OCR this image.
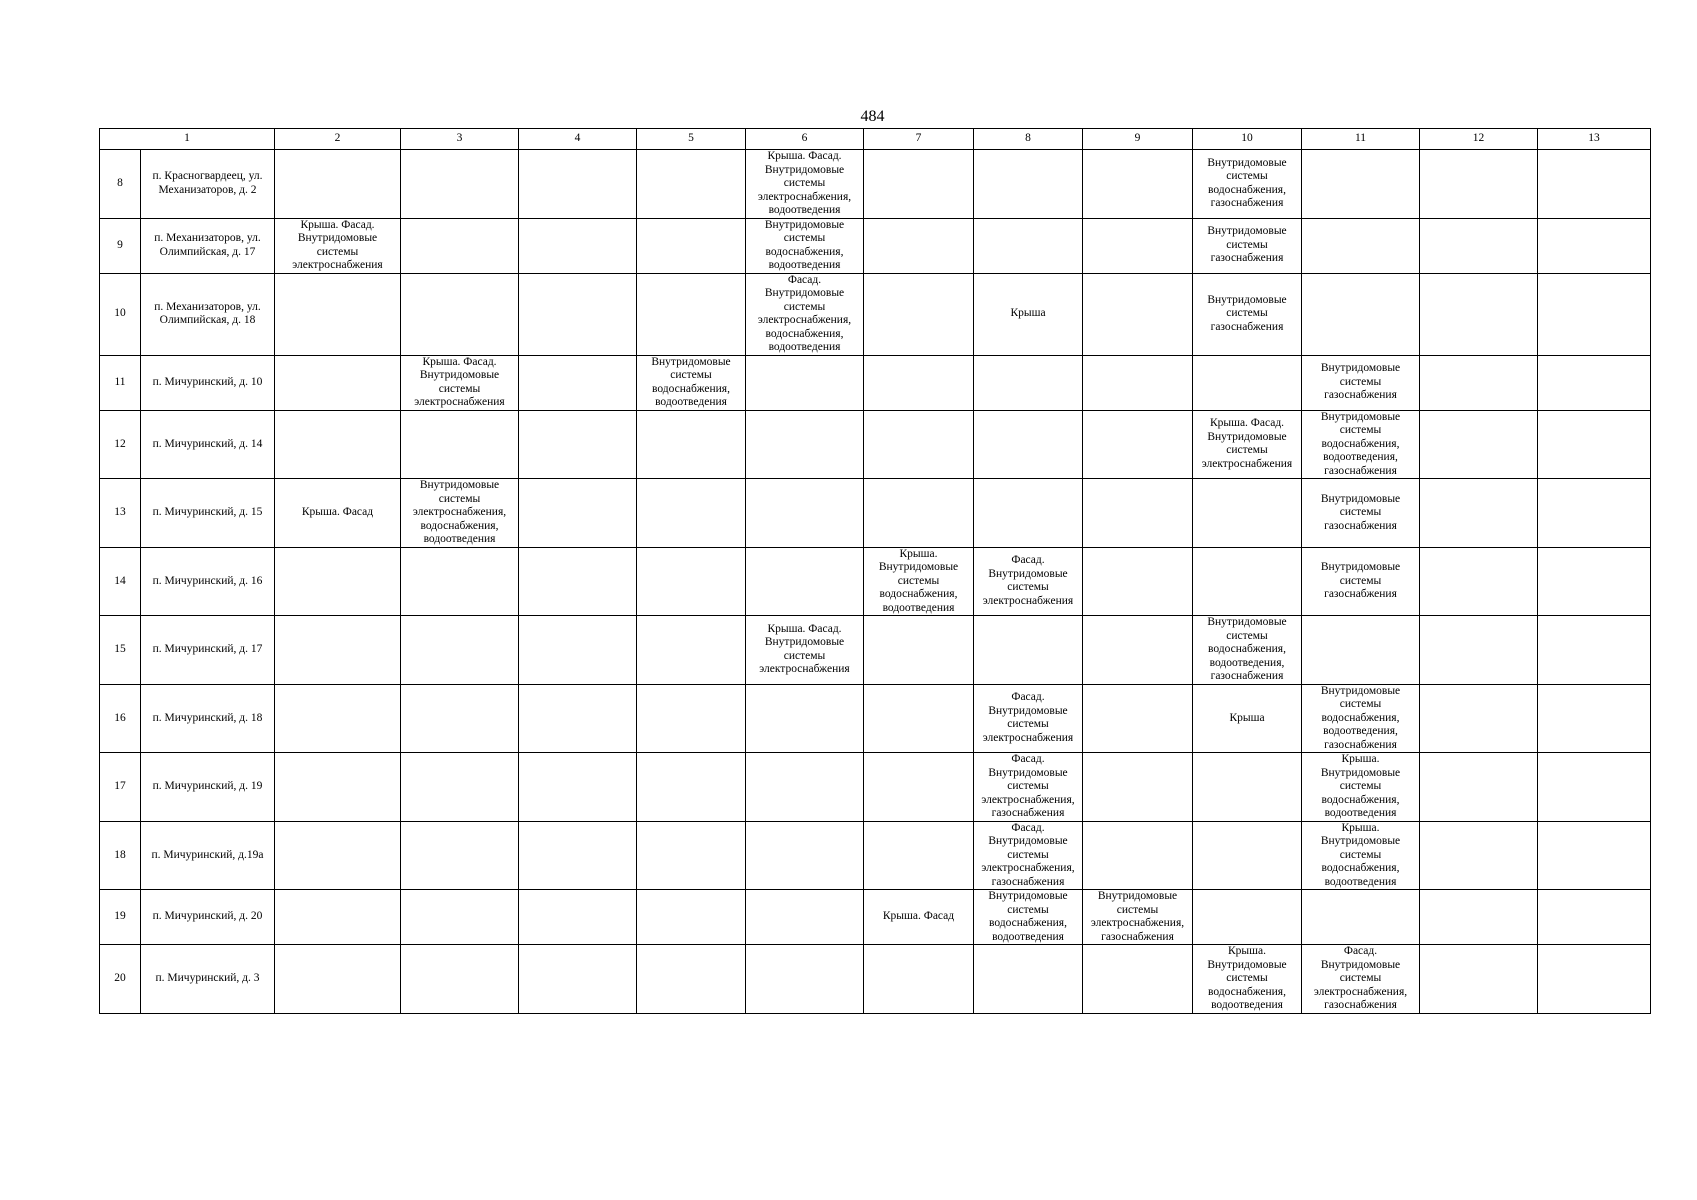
484
1		2	3	4	5	6	7	8	9	10	11	12	13
8	п. Красногвардеец, ул. Механизаторов, д. 2					Крыша. Фасад. Внутридомовые системы электроснабжения, водоотведения				Внутридомовые системы водоснабжения, газоснабжения			
9	п. Механизаторов, ул. Олимпийская, д. 17	Крыша. Фасад. Внутридомовые системы электроснабжения				Внутридомовые системы водоснабжения, водоотведения				Внутридомовые системы газоснабжения			
10	п. Механизаторов, ул. Олимпийская, д. 18					Фасад. Внутридомовые системы электроснабжения, водоснабжения, водоотведения		Крыша		Внутридомовые системы газоснабжения			
11	п. Мичуринский, д. 10		Крыша. Фасад. Внутридомовые системы электроснабжения		Внутридомовые системы водоснабжения, водоотведения						Внутридомовые системы газоснабжения		
12	п. Мичуринский, д. 14									Крыша. Фасад. Внутридомовые системы электроснабжения	Внутридомовые системы водоснабжения, водоотведения, газоснабжения		
13	п. Мичуринский, д. 15	Крыша. Фасад	Внутридомовые системы электроснабжения, водоснабжения, водоотведения								Внутридомовые системы газоснабжения		
14	п. Мичуринский, д. 16						Крыша. Внутридомовые системы водоснабжения, водоотведения	Фасад. Внутридомовые системы электроснабжения			Внутридомовые системы газоснабжения		
15	п. Мичуринский, д. 17					Крыша. Фасад. Внутридомовые системы электроснабжения				Внутридомовые системы водоснабжения, водоотведения, газоснабжения			
16	п. Мичуринский, д. 18							Фасад. Внутридомовые системы электроснабжения		Крыша	Внутридомовые системы водоснабжения, водоотведения, газоснабжения		
17	п. Мичуринский, д. 19							Фасад. Внутридомовые системы электроснабжения, газоснабжения			Крыша. Внутридомовые системы водоснабжения, водоотведения		
18	п. Мичуринский, д.19а							Фасад. Внутридомовые системы электроснабжения, газоснабжения			Крыша. Внутридомовые системы водоснабжения, водоотведения		
19	п. Мичуринский, д. 20						Крыша. Фасад	Внутридомовые системы водоснабжения, водоотведения	Внутридомовые системы электроснабжения, газоснабжения				
20	п. Мичуринский, д. 3									Крыша. Внутридомовые системы водоснабжения, водоотведения	Фасад. Внутридомовые системы электроснабжения, газоснабжения		
